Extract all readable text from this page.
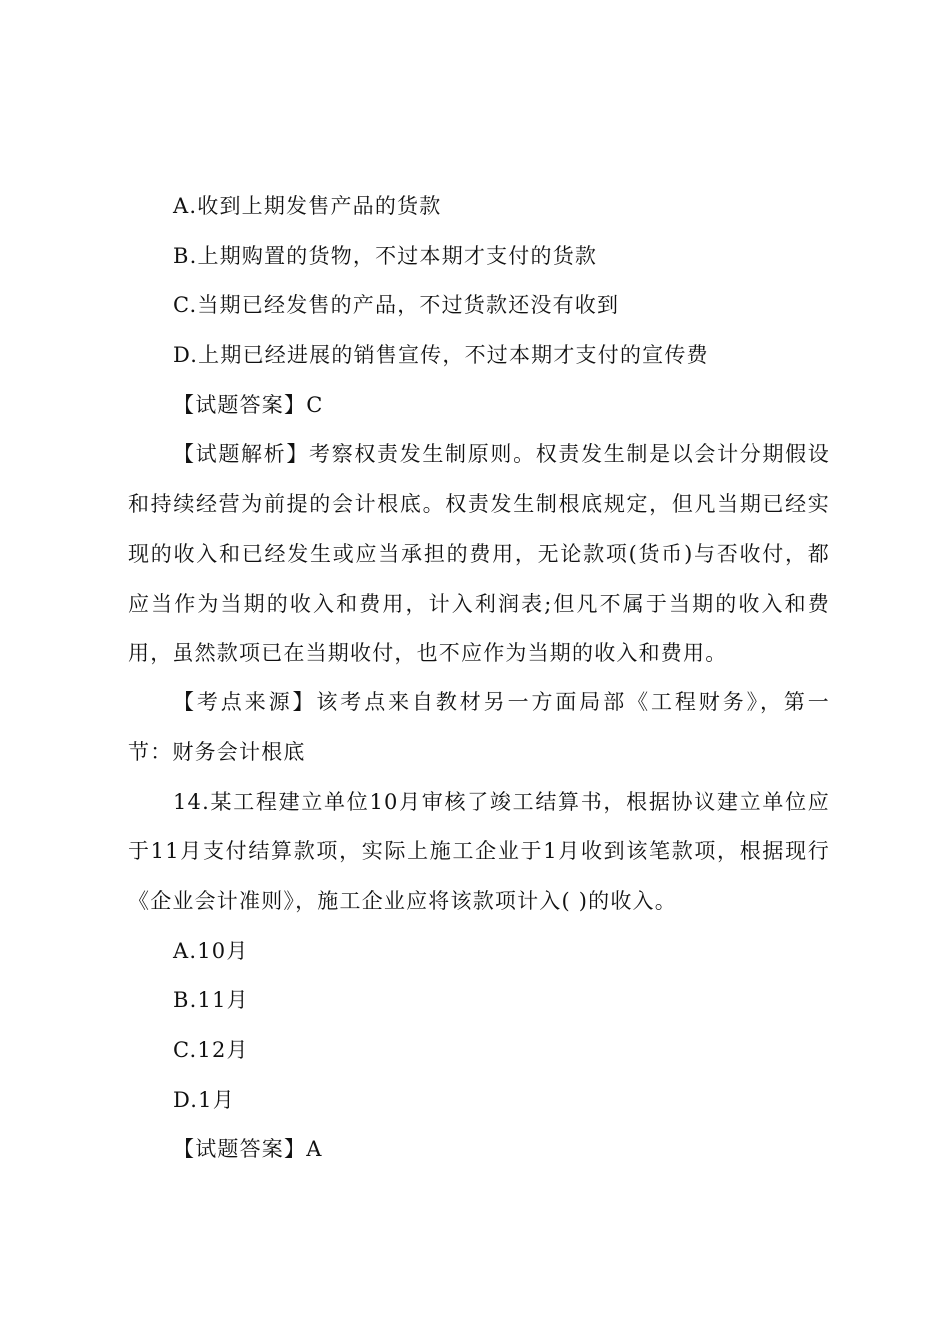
A.收到上期发售产品的货款
B.上期购置的货物，不过本期才支付的货款
C.当期已经发售的产品，不过货款还没有收到
D.上期已经进展的销售宣传，不过本期才支付的宣传费
【试题答案】C
【试题解析】考察权责发生制原则。权责发生制是以会计分期假设
和持续经营为前提的会计根底。权责发生制根底规定，但凡当期已经实
现的收入和已经发生或应当承担的费用，无论款项(货币)与否收付，都
应当作为当期的收入和费用，计入利润表;但凡不属于当期的收入和费
用，虽然款项已在当期收付，也不应作为当期的收入和费用。
【考点来源】该考点来自教材另一方面局部《工程财务》，第一
节：财务会计根底
14.某工程建立单位10月审核了竣工结算书，根据协议建立单位应
于11月支付结算款项，实际上施工企业于1月收到该笔款项，根据现行
《企业会计准则》，施工企业应将该款项计入( )的收入。
A.10月
B.11月
C.12月
D.1月
【试题答案】A
